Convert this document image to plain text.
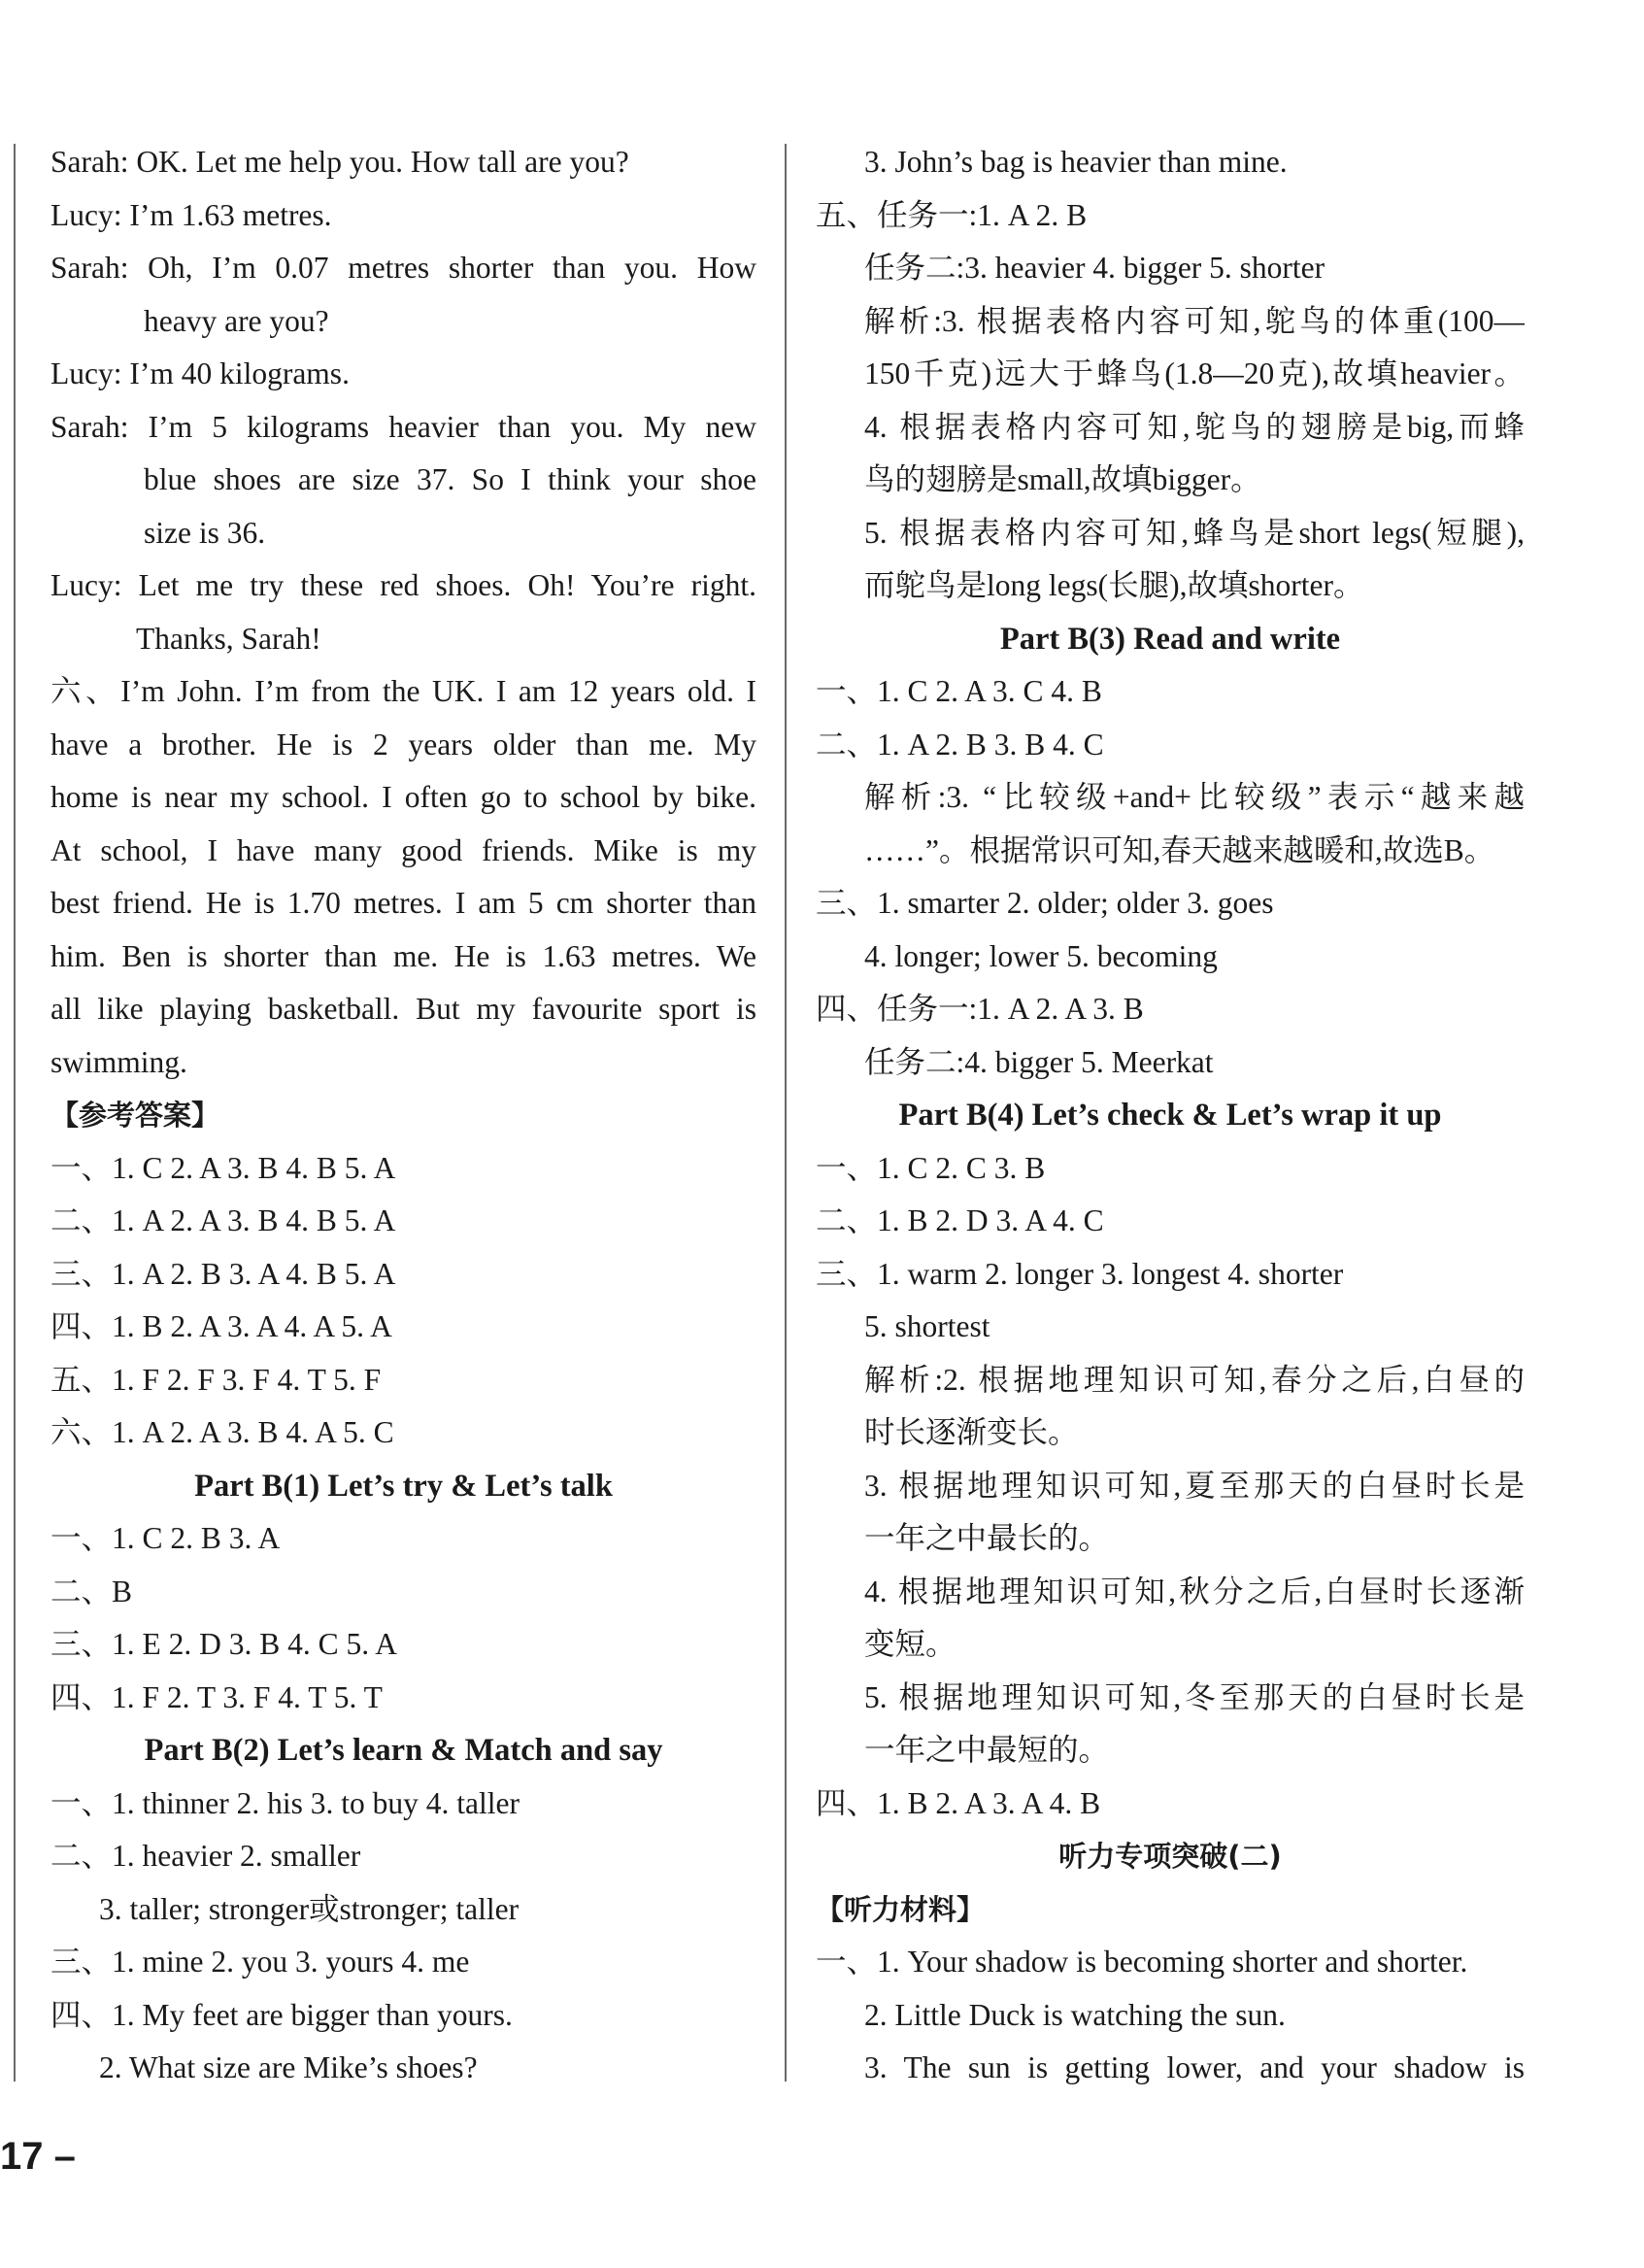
Sarah: OK. Let me help you. How tall are you?
Lucy: I’m 1.63 metres.
Sarah: Oh, I’m 0.07 metres shorter than you. How
heavy are you?
Lucy: I’m 40 kilograms.
Sarah: I’m 5 kilograms heavier than you. My new
blue shoes are size 37. So I think your shoe
size is 36.
Lucy: Let me try these red shoes. Oh! You’re right.
Thanks, Sarah!
六、I’m John. I’m from the UK. I am 12 years old. I
have a brother. He is 2 years older than me. My
home is near my school. I often go to school by bike.
At school, I have many good friends. Mike is my
best friend. He is 1.70 metres. I am 5 cm shorter than
him. Ben is shorter than me. He is 1.63 metres. We
all like playing basketball. But my favourite sport is
swimming.
【参考答案】
一、1. C 2. A 3. B 4. B 5. A
二、1. A 2. A 3. B 4. B 5. A
三、1. A 2. B 3. A 4. B 5. A
四、1. B 2. A 3. A 4. A 5. A
五、1. F 2. F 3. F 4. T 5. F
六、1. A 2. A 3. B 4. A 5. C
Part B(1) Let’s try & Let’s talk
一、1. C 2. B 3. A
二、B
三、1. E 2. D 3. B 4. C 5. A
四、1. F 2. T 3. F 4. T 5. T
Part B(2) Let’s learn & Match and say
一、1. thinner 2. his 3. to buy 4. taller
二、1. heavier 2. smaller
3. taller; stronger或stronger; taller
三、1. mine 2. you 3. yours 4. me
四、1. My feet are bigger than yours.
2. What size are Mike’s shoes?
3. John’s bag is heavier than mine.
五、任务一:1. A 2. B
任务二:3. heavier 4. bigger 5. shorter
解析:3. 根据表格内容可知,鸵鸟的体重(100—
150千克)远大于蜂鸟(1.8—20克),故填heavier。
4. 根据表格内容可知,鸵鸟的翅膀是big,而蜂
鸟的翅膀是small,故填bigger。
5. 根据表格内容可知,蜂鸟是short legs(短腿),
而鸵鸟是long legs(长腿),故填shorter。
Part B(3) Read and write
一、1. C 2. A 3. C 4. B
二、1. A 2. B 3. B 4. C
解析:3. “比较级+and+比较级”表示“越来越
……”。根据常识可知,春天越来越暖和,故选B。
三、1. smarter 2. older; older 3. goes
4. longer; lower 5. becoming
四、任务一:1. A 2. A 3. B
任务二:4. bigger 5. Meerkat
Part B(4) Let’s check & Let’s wrap it up
一、1. C 2. C 3. B
二、1. B 2. D 3. A 4. C
三、1. warm 2. longer 3. longest 4. shorter
5. shortest
解析:2. 根据地理知识可知,春分之后,白昼的
时长逐渐变长。
3. 根据地理知识可知,夏至那天的白昼时长是
一年之中最长的。
4. 根据地理知识可知,秋分之后,白昼时长逐渐
变短。
5. 根据地理知识可知,冬至那天的白昼时长是
一年之中最短的。
四、1. B 2. A 3. A 4. B
听力专项突破(二)
【听力材料】
一、1. Your shadow is becoming shorter and shorter.
2. Little Duck is watching the sun.
3. The sun is getting lower, and your shadow is
17 –
